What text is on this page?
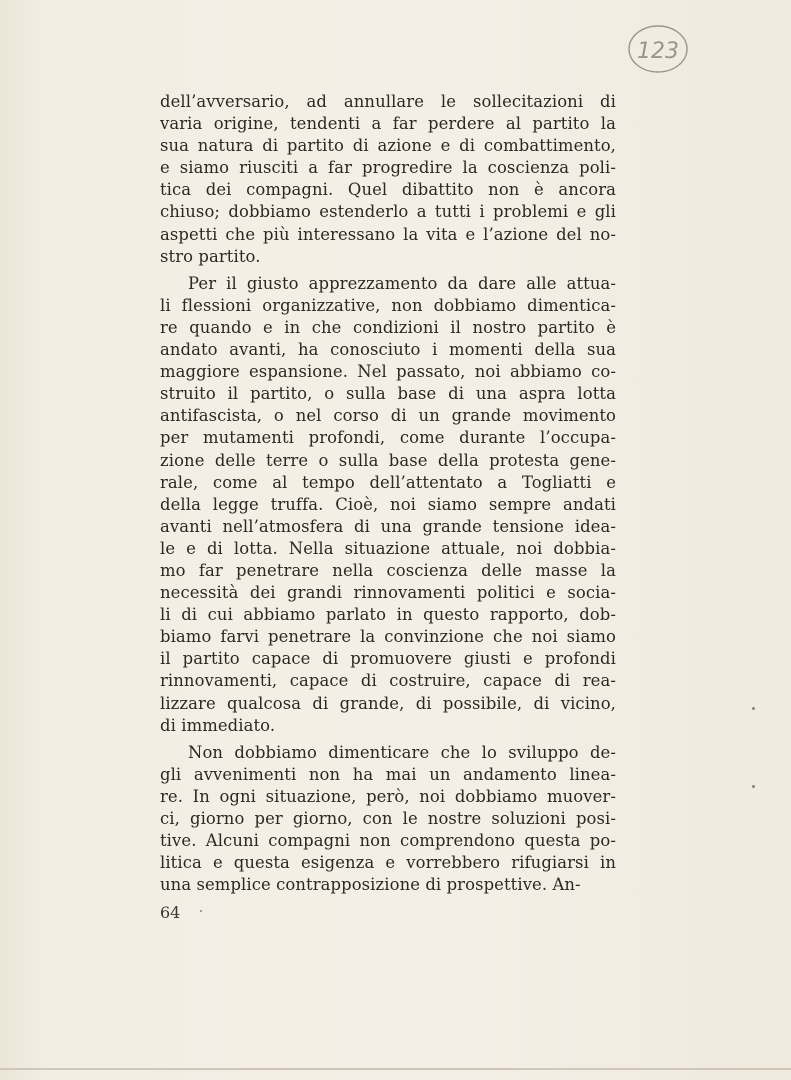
123

dell’avversario, ad annullare le sollecitazioni di
varia origine, tendenti a far perdere al partito la
sua natura di partito di azione e di combattimento,
e siamo riusciti a far progredire la coscienza poli-
tica dei compagni. Quel dibattito non è ancora
chiuso; dobbiamo estenderlo a tutti i problemi e gli
aspetti che più interessano la vita e l’azione del no-
stro partito.

Per il giusto apprezzamento da dare alle attua-
li flessioni organizzative, non dobbiamo dimentica-
re quando e in che condizioni il nostro partito è
andato avanti, ha conosciuto i momenti della sua
maggiore espansione. Nel passato, noi abbiamo co-
struito il partito, o sulla base di una aspra lotta
antifascista, o nel corso di un grande movimento
per mutamenti profondi, come durante l’occupa-
zione delle terre o sulla base della protesta gene-
rale, come al tempo dell’attentato a Togliatti e
della legge truffa. Cioè, noi siamo sempre andati
avanti nell’atmosfera di una grande tensione idea-
le e di lotta. Nella situazione attuale, noi dobbia-
mo far penetrare nella coscienza delle masse la
necessità dei grandi rinnovamenti politici e socia-
li di cui abbiamo parlato in questo rapporto, dob-
biamo farvi penetrare la convinzione che noi siamo
il partito capace di promuovere giusti e profondi
rinnovamenti, capace di costruire, capace di rea-
lizzare qualcosa di grande, di possibile, di vicino,
di immediato.

Non dobbiamo dimenticare che lo sviluppo de-
gli avvenimenti non ha mai un andamento linea-
re. In ogni situazione, però, noi dobbiamo muover-
ci, giorno per giorno, con le nostre soluzioni posi-
tive. Alcuni compagni non comprendono questa po-
litica e questa esigenza e vorrebbero rifugiarsi in
una semplice contrapposizione di prospettive. An-

64
